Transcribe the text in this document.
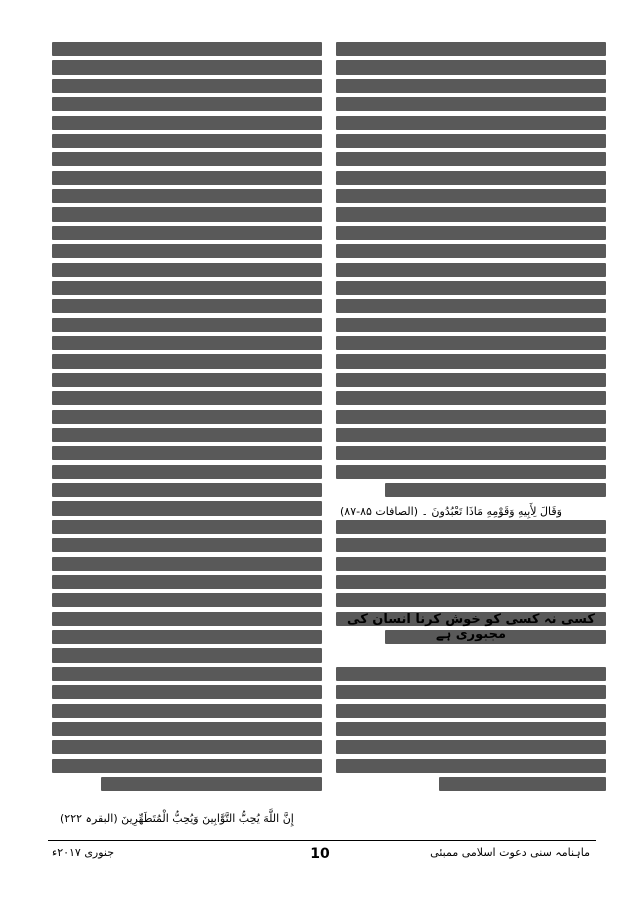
وَقَالَ لِأَبِيهِ وَقَوْمِهِ مَاذَا تَعْبُدُونَ ۔ (الصافات ۸۵-۸۷)
کسی نہ کسی کو خوش کرنا انسان کی مجبوری ہے
إِنَّ اللَّهَ يُحِبُّ التَّوَّابِينَ وَيُحِبُّ الْمُتَطَهِّرِينَ (البقرہ ۲۲۲)
ماہنامہ سنی دعوت اسلامی ممبئی
10
جنوری ۲۰۱۷ء
